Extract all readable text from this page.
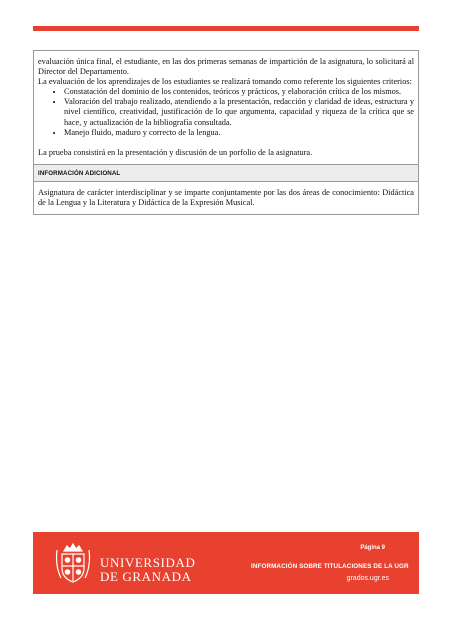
evaluación única final, el estudiante, en las dos primeras semanas de impartición de la asignatura, lo solicitará al Director del Departamento.

La evaluación de los aprendizajes de los estudiantes se realizará tomando como referente los siguientes criterios:

• Constatación del dominio de los contenidos, teóricos y prácticos, y elaboración crítica de los mismos.
• Valoración del trabajo realizado, atendiendo a la presentación, redacción y claridad de ideas, estructura y nivel científico, creatividad, justificación de lo que argumenta, capacidad y riqueza de la crítica que se hace, y actualización de la bibliografía consultada.
• Manejo fluido, maduro y correcto de la lengua.

La prueba consistirá en la presentación y discusión de un porfolio de la asignatura.

INFORMACIÓN ADICIONAL

Asignatura de carácter interdisciplinar y se imparte conjuntamente por las dos áreas de conocimiento: Didáctica de la Lengua y la Literatura y Didáctica de la Expresión Musical.

UNIVERSIDAD
DE GRANADA
Página 9
INFORMACIÓN SOBRE TITULACIONES DE LA UGR
grados.ugr.es
